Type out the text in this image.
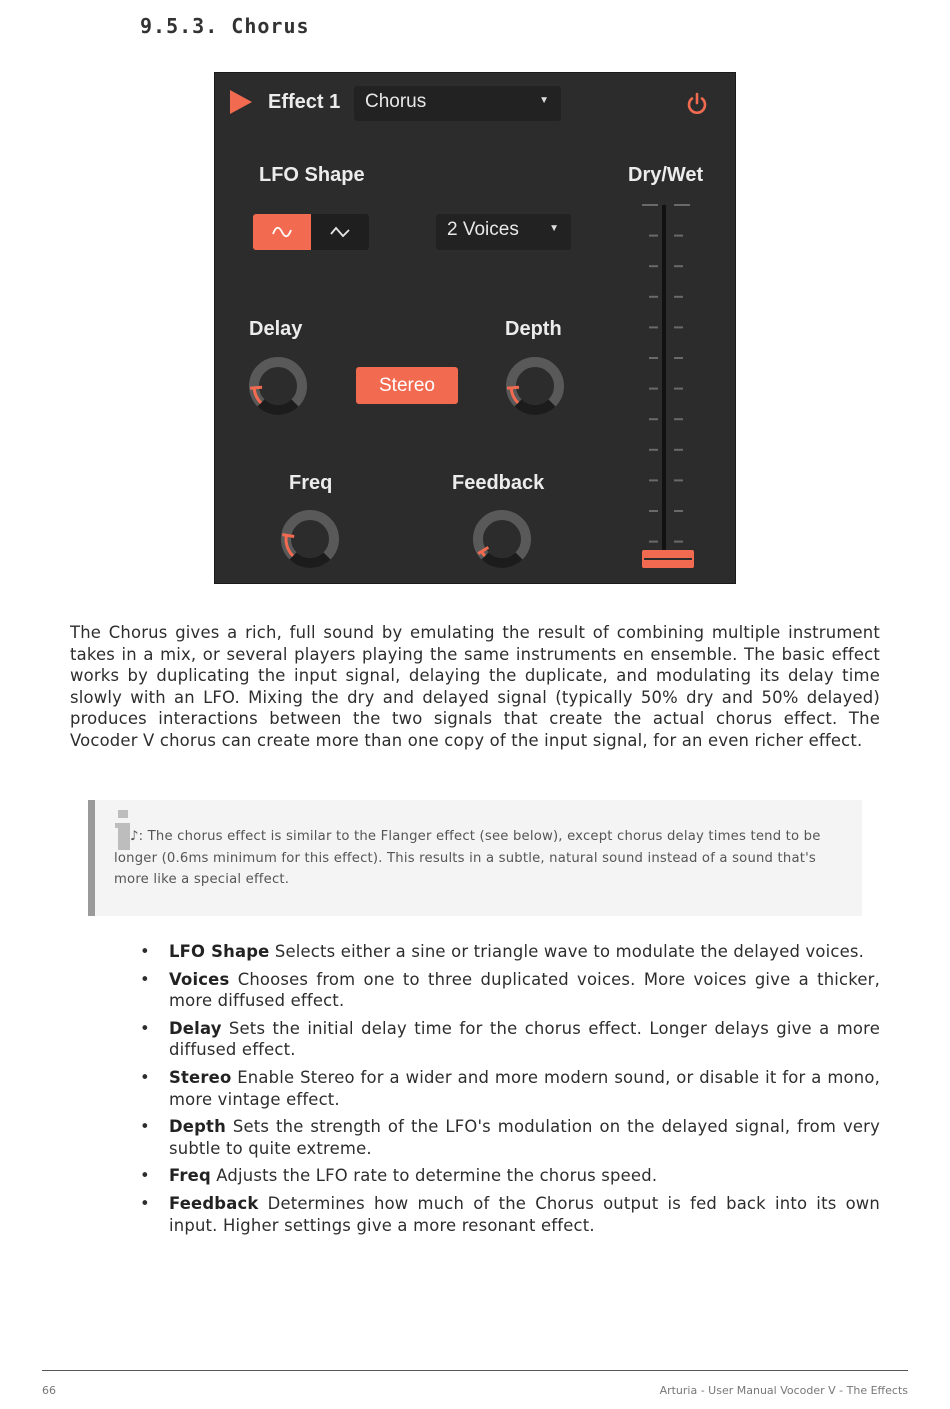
9.5.3. Chorus
Effect 1 Chorus	▼
LFO Shape	Dry/Wet
2 Voices	▼
Delay	Depth
Stereo
Freq	Feedback
The Chorus gives a rich, full sound by emulating the result of combining multiple instrument takes in a mix, or several players playing the same instruments en ensemble. The basic effect works by duplicating the input signal, delaying the duplicate, and modulating its delay time slowly with an LFO. Mixing the dry and delayed signal (typically 50% dry and 50% delayed) produces interactions between the two signals that create the actual chorus effect. The Vocoder V chorus can create more than one copy of the input signal, for an even richer effect.
♪: The chorus effect is similar to the Flanger effect (see below), except chorus delay times tend to be longer (0.6ms minimum for this effect). This results in a subtle, natural sound instead of a sound that's more like a special effect.
• LFO Shape Selects either a sine or triangle wave to modulate the delayed voices.
• Voices Chooses from one to three duplicated voices. More voices give a thicker, more diffused effect.
• Delay Sets the initial delay time for the chorus effect. Longer delays give a more diffused effect.
• Stereo Enable Stereo for a wider and more modern sound, or disable it for a mono, more vintage effect.
• Depth Sets the strength of the LFO's modulation on the delayed signal, from very subtle to quite extreme.
• Freq Adjusts the LFO rate to determine the chorus speed.
• Feedback Determines how much of the Chorus output is fed back into its own input. Higher settings give a more resonant effect.
66	Arturia - User Manual Vocoder V - The Effects
